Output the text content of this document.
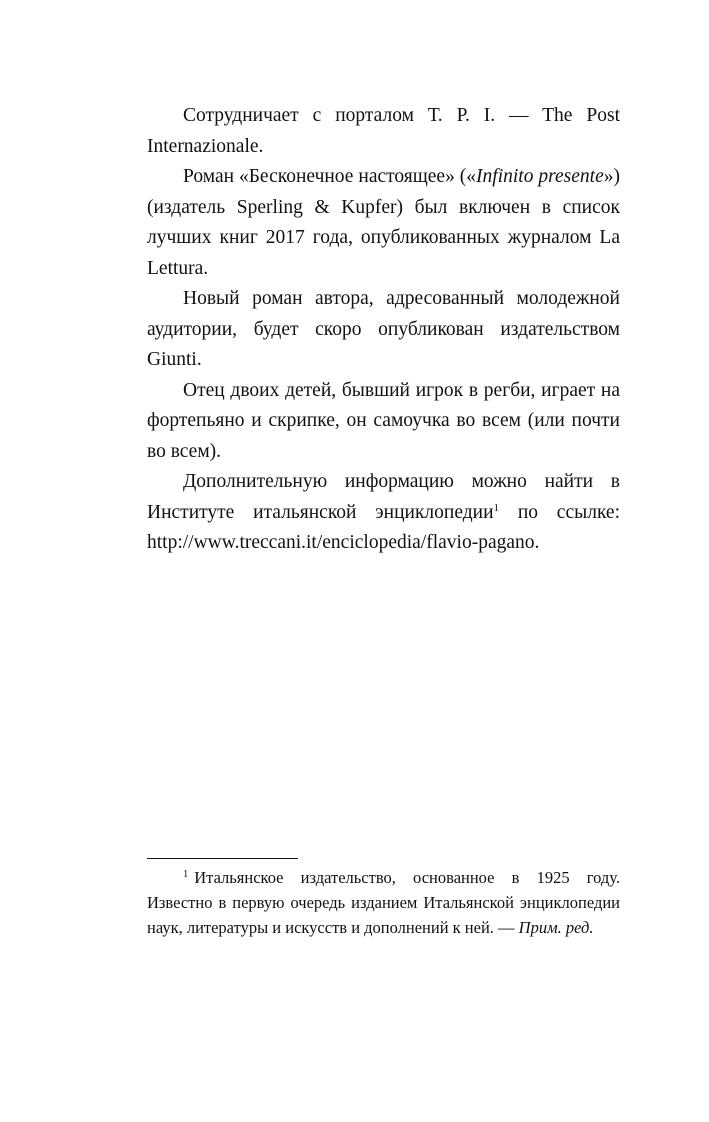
Сотрудничает с порталом Т. Р. I. — The Post Internazionale.

Роман «Бесконечное настоящее» («Infinito presente») (издатель Sperling & Kupfer) был включен в список лучших книг 2017 года, опубликованных журналом La Lettura.

Новый роман автора, адресованный молодежной аудитории, будет скоро опубликован издательством Giunti.

Отец двоих детей, бывший игрок в регби, играет на фортепьяно и скрипке, он самоучка во всем (или почти во всем).

Дополнительную информацию можно найти в Институте итальянской энциклопедии$^1$ по ссылке: http://www.treccani.it/enciclopedia/flavio-pagano.

$^1$ Итальянское издательство, основанное в 1925 году. Известно в первую очередь изданием Итальянской энциклопедии наук, литературы и искусств и дополнений к ней. — Прим. ред.
